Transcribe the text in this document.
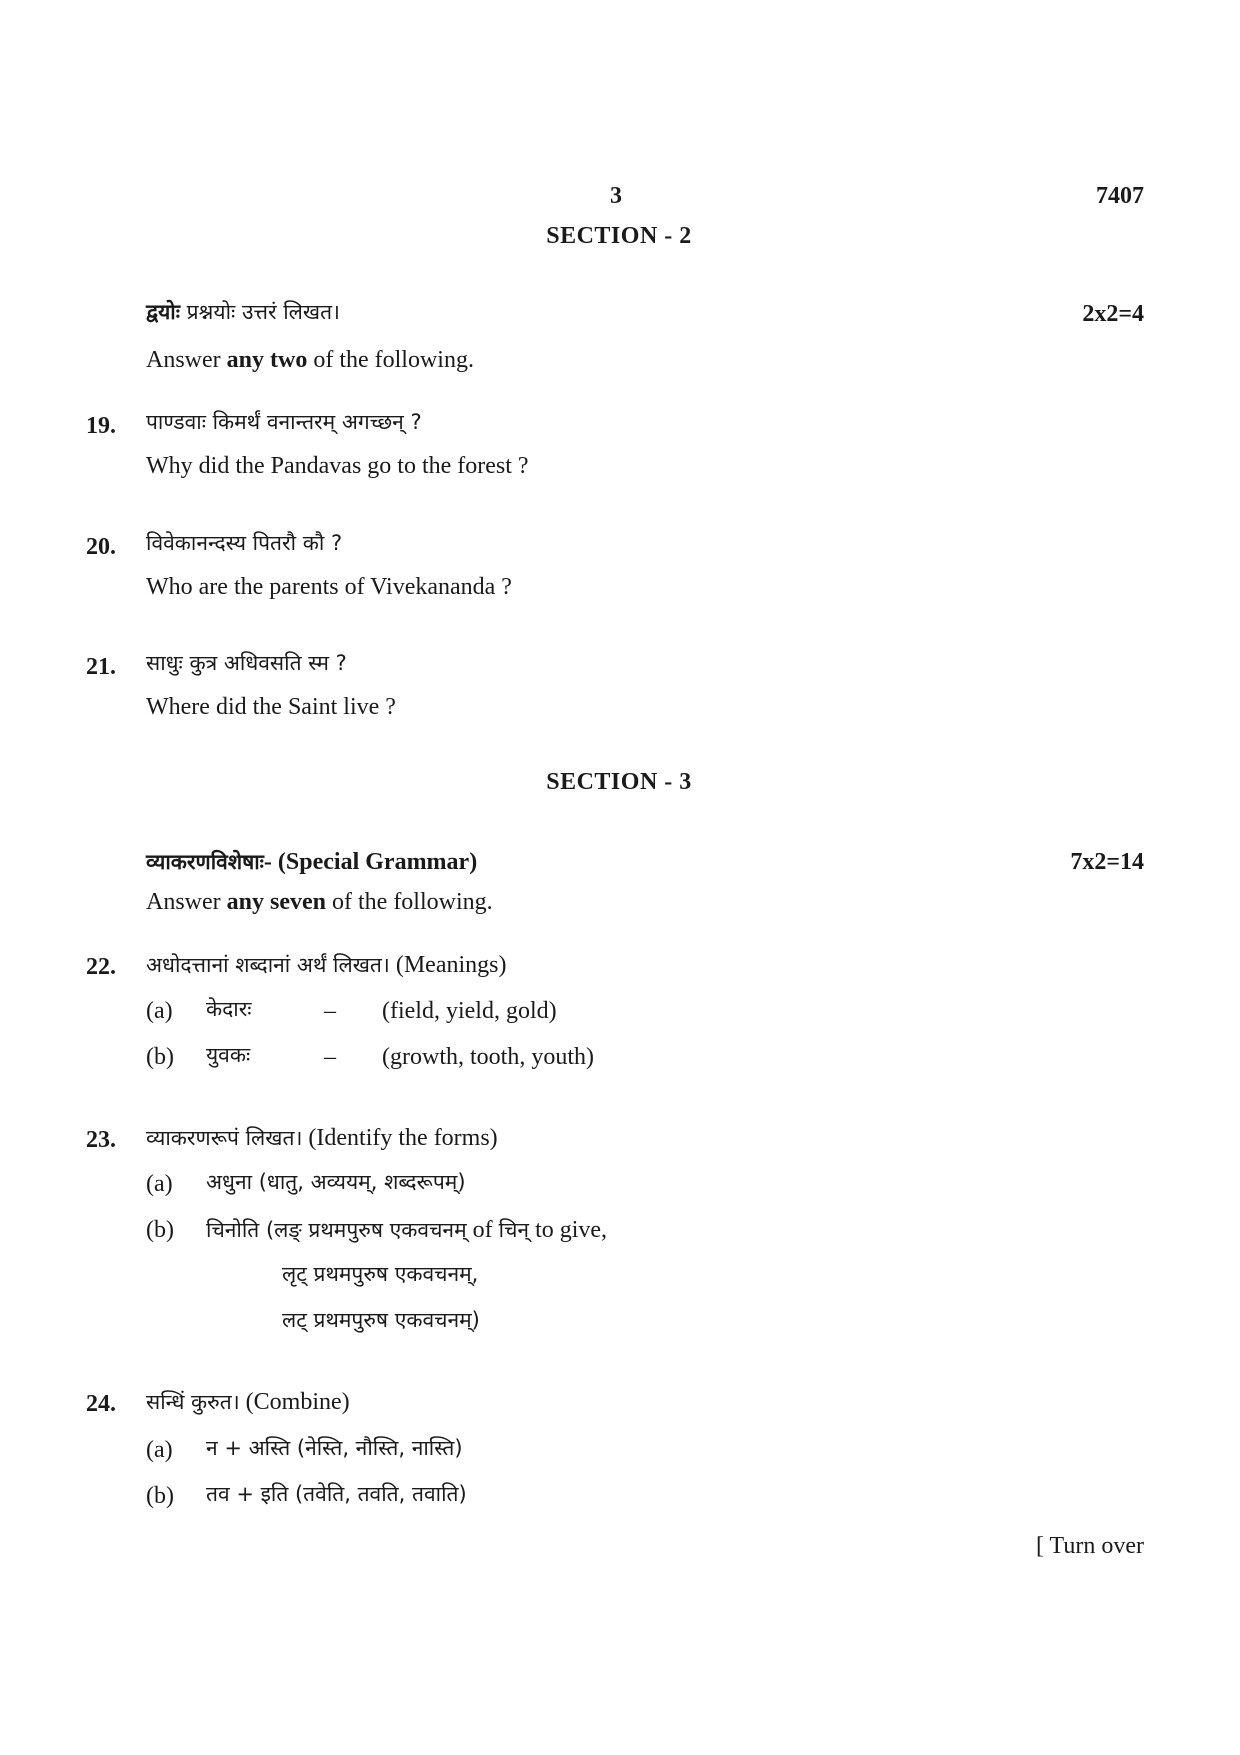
3	7407
SECTION - 2
द्वयोः प्रश्नयोः उत्तरं लिखत।	2x2=4
Answer any two of the following.
19. पाण्डवाः किमर्थं वनान्तरम् अगच्छन् ?
Why did the Pandavas go to the forest ?
20. विवेकानन्दस्य पितरौ कौ ?
Who are the parents of Vivekananda ?
21. साधुः कुत्र अधिवसति स्म ?
Where did the Saint live ?
SECTION - 3
व्याकरणविशेषाः- (Special Grammar)	7x2=14
Answer any seven of the following.
22. अधोदत्तानां शब्दानां अर्थं लिखत। (Meanings)
(a) केदारः	– (field, yield, gold)
(b) युवकः	– (growth, tooth, youth)
23. व्याकरणरूपं लिखत। (Identify the forms)
(a) अधुना (धातु, अव्ययम्, शब्दरूपम्)
(b) चिनोति (लङ् प्रथमपुरुष एकवचनम् of चिन् to give,
लृट् प्रथमपुरुष एकवचनम्,
लट् प्रथमपुरुष एकवचनम्)
24. सन्धिं कुरुत। (Combine)
(a) न + अस्ति (नेस्ति, नौस्ति, नास्ति)
(b) तव + इति (तवेति, तवति, तवाति)
[ Turn over
